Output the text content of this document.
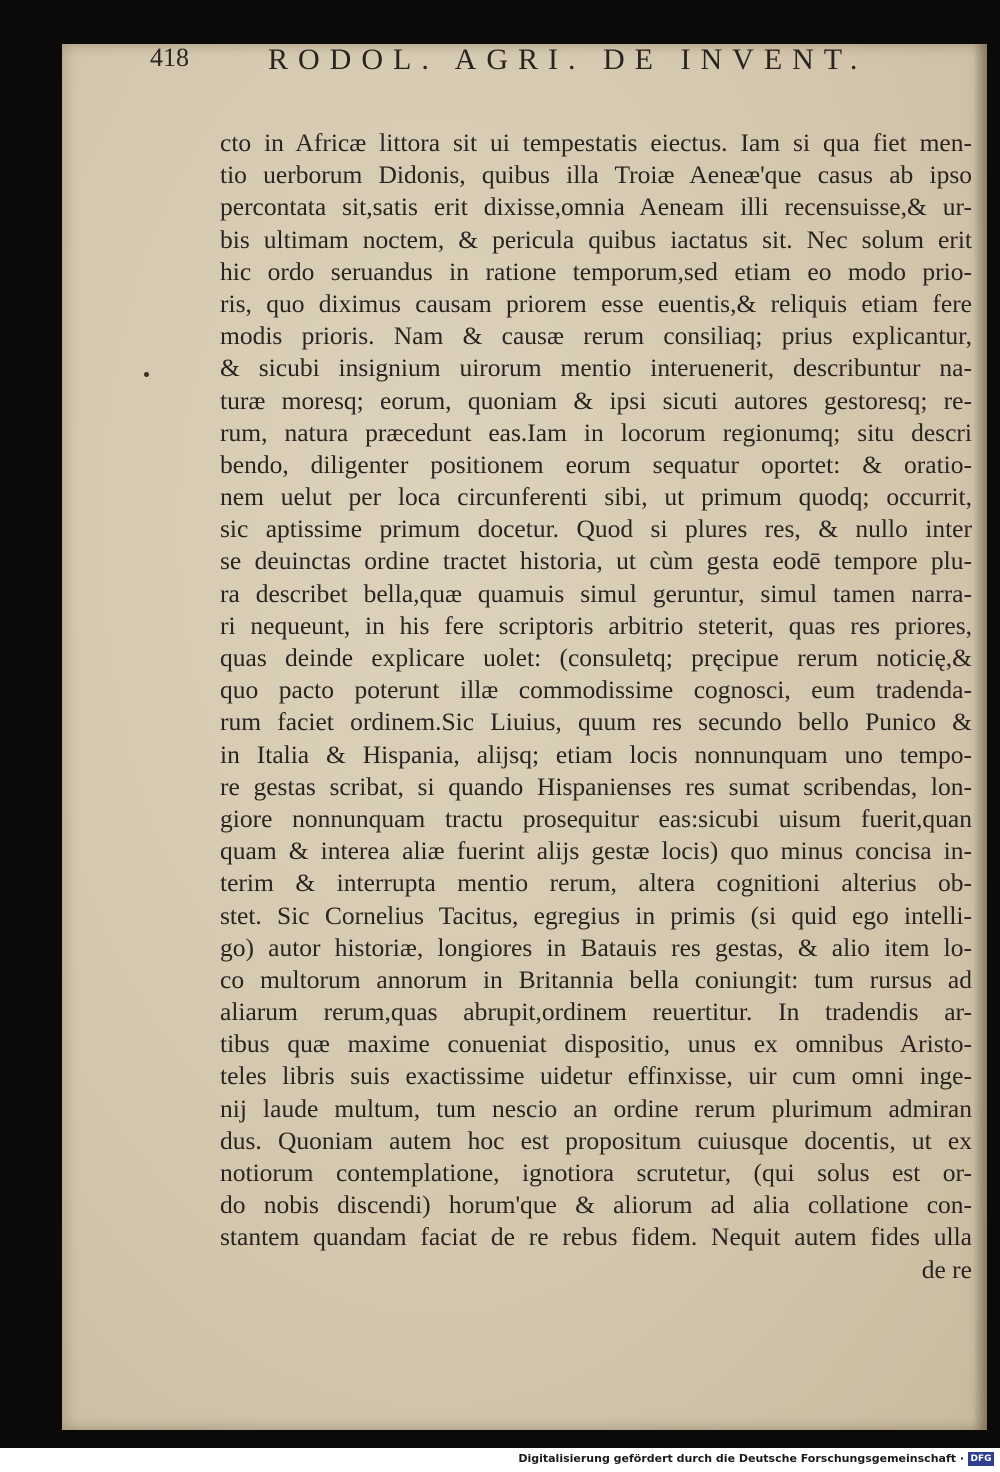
418	RODOL. AGRI. DE INVENT.
cto in Africæ littora sit ui tempestatis eiectus. Iam si qua fiet men-
tio uerborum Didonis, quibus illa Troiæ Aeneæ'que casus ab ipso
percontata sit,satis erit dixisse,omnia Aeneam illi recensuisse,& ur-
bis ultimam noctem, & pericula quibus iactatus sit. Nec solum erit
hic ordo seruandus in ratione temporum,sed etiam eo modo prio-
ris, quo diximus causam priorem esse euentis,& reliquis etiam fere
modis prioris. Nam & causæ rerum consiliaq; prius explicantur,
& sicubi insignium uirorum mentio interuenerit, describuntur na-
turæ moresq; eorum, quoniam & ipsi sicuti autores gestoresq; re-
rum, natura præcedunt eas.Iam in locorum regionumq; situ descri
bendo, diligenter positionem eorum sequatur oportet: & oratio-
nem uelut per loca circunferenti sibi, ut primum quodq; occurrit,
sic aptissime primum docetur. Quod si plures res, & nullo inter
se deuinctas ordine tractet historia, ut cùm gesta eodē tempore plu-
ra describet bella,quæ quamuis simul geruntur, simul tamen narra-
ri nequeunt, in his fere scriptoris arbitrio steterit, quas res priores,
quas deinde explicare uolet: (consuletq; pręcipue rerum noticię,&
quo pacto poterunt illæ commodissime cognosci, eum tradenda-
rum faciet ordinem.Sic Liuius, quum res secundo bello Punico &
in Italia & Hispania, alijsq; etiam locis nonnunquam uno tempo-
re gestas scribat, si quando Hispanienses res sumat scribendas, lon-
giore nonnunquam tractu prosequitur eas:sicubi uisum fuerit,quan
quam & interea aliæ fuerint alijs gestæ locis) quo minus concisa in-
terim & interrupta mentio rerum, altera cognitioni alterius ob-
stet. Sic Cornelius Tacitus, egregius in primis (si quid ego intelli-
go) autor historiæ, longiores in Batauis res gestas, & alio item lo-
co multorum annorum in Britannia bella coniungit: tum rursus ad
aliarum rerum,quas abrupit,ordinem reuertitur. In tradendis ar-
tibus quæ maxime conueniat dispositio, unus ex omnibus Aristo-
teles libris suis exactissime uidetur effinxisse, uir cum omni inge-
nij laude multum, tum nescio an ordine rerum plurimum admiran
dus. Quoniam autem hoc est propositum cuiusque docentis, ut ex
notiorum contemplatione, ignotiora scrutetur, (qui solus est or-
do nobis discendi) horum'que & aliorum ad alia collatione con-
stantem quandam faciat de re rebus fidem. Nequit autem fides ulla
de re
Digitalisierung gefördert durch die Deutsche Forschungsgemeinschaft · DFG
